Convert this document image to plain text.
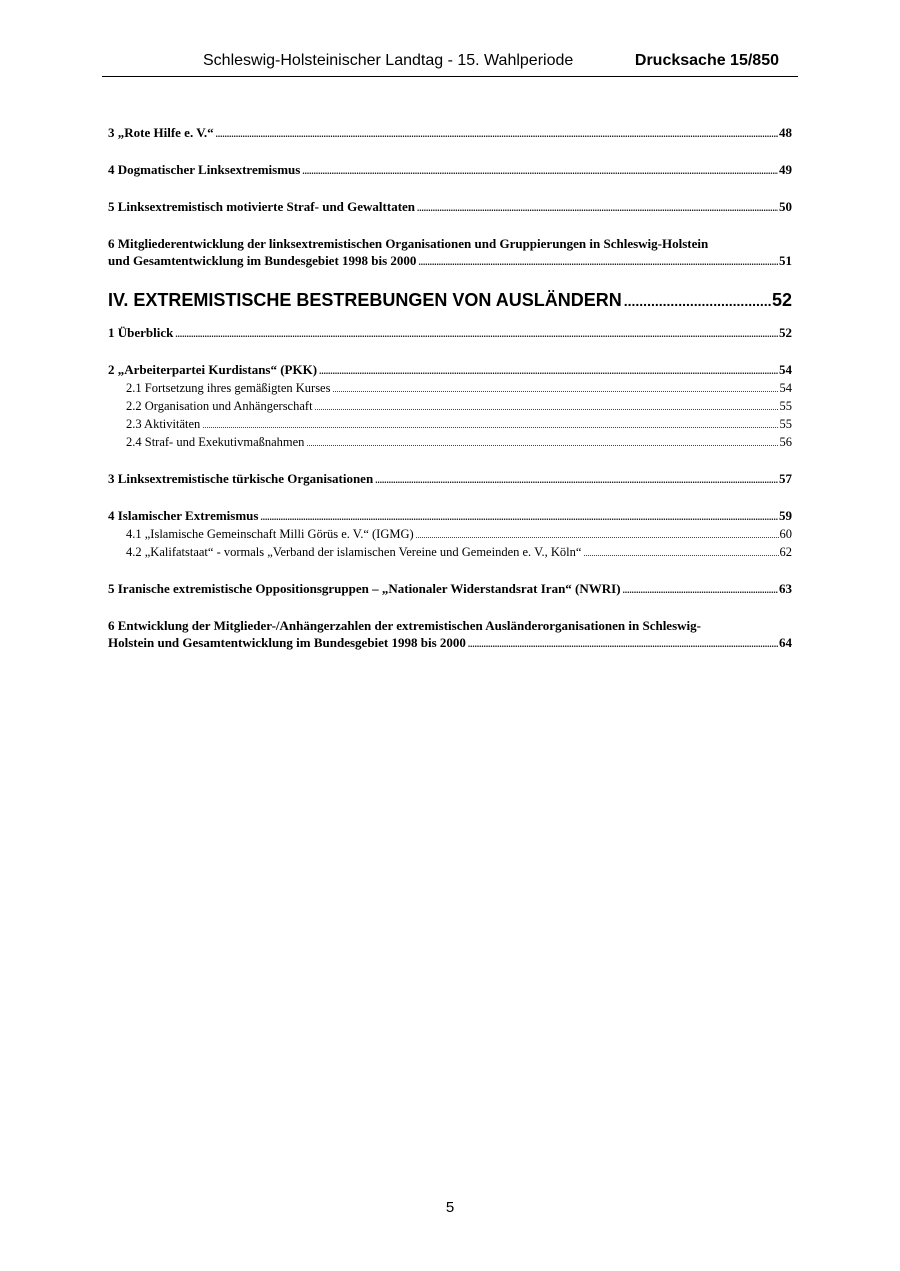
Schleswig-Holsteinischer Landtag - 15. Wahlperiode	Drucksache 15/850
3 „Rote Hilfe e. V.“ .....	48
4 Dogmatischer Linksextremismus .....	49
5 Linksextremistisch motivierte Straf- und Gewalttaten .....	50
6 Mitgliederentwicklung der linksextremistischen Organisationen und Gruppierungen in Schleswig-Holstein
und Gesamtentwicklung im Bundesgebiet 1998 bis 2000 .....	51
IV. EXTREMISTISCHE BESTREBUNGEN VON AUSLÄNDERN .....	52
1 Überblick .....	52
2 „Arbeiterpartei Kurdistans“ (PKK) .....	54
2.1 Fortsetzung ihres gemäßigten Kurses .....	54
2.2 Organisation und Anhängerschaft .....	55
2.3 Aktivitäten .....	55
2.4 Straf- und Exekutivmaßnahmen .....	56
3 Linksextremistische türkische Organisationen .....	57
4 Islamischer Extremismus .....	59
4.1 „Islamische Gemeinschaft Milli Görüs e. V.“ (IGMG) .....	60
4.2 „Kalifatstaat“ - vormals „Verband der islamischen Vereine und Gemeinden e. V., Köln“ .....	62
5 Iranische extremistische Oppositionsgruppen – „Nationaler Widerstandsrat Iran“ (NWRI) .....	63
6 Entwicklung der Mitglieder-/Anhängerzahlen der extremistischen Ausländerorganisationen in Schleswig-
Holstein und Gesamtentwicklung im Bundesgebiet 1998 bis 2000 .....	64
5
